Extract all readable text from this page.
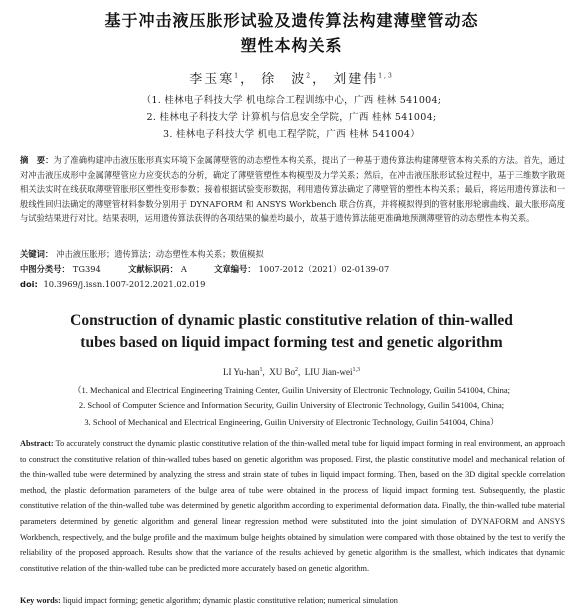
基于冲击液压胀形试验及遗传算法构建薄壁管动态
塑性本构关系
李玉寒$^1$， 徐　波$^2$， 刘建伟$^{1,3}$
（1. 桂林电子科技大学 机电综合工程训练中心，广西 桂林 541004;
2. 桂林电子科技大学 计算机与信息安全学院，广西 桂林 541004;
3. 桂林电子科技大学 机电工程学院，广西 桂林 541004）
摘　要：为了准确构建冲击液压胀形真实环境下金属薄壁管的动态塑性本构关系，提出了一种基于遗传算法构建薄壁管本构关系的方法。首先，通过对冲击液压成形中金属薄壁管应力应变状态的分析，确定了薄壁管塑性本构模型及力学关系；然后，在冲击液压胀形试验过程中，基于三维数字散斑相关法实时在线获取薄壁管胀形区塑性变形参数；接着根据试验变形数据，利用遗传算法确定了薄壁管的塑性本构关系；最后，将运用遗传算法和一般线性回归法确定的薄壁管材料参数分别用于 DYNAFORM 和 ANSYS Workbench 联合仿真，并将模拟得到的管材胀形轮廓曲线、最大胀形高度与试验结果进行对比。结果表明，运用遗传算法获得的各项结果的偏差均最小，故基于遗传算法能更准确地预测薄壁管的动态塑性本构关系。
关键词： 冲击液压胀形；遗传算法；动态塑性本构关系；数值模拟
中图分类号： TG394	文献标识码： A	文章编号： 1007-2012（2021）02-0139-07
doi: 10.3969/j.issn.1007-2012.2021.02.019
Construction of dynamic plastic constitutive relation of thin-walled
tubes based on liquid impact forming test and genetic algorithm
LI Yu-han$^1$,  XU Bo$^2$,  LIU Jian-wei$^{1,3}$
（1. Mechanical and Electrical Engineering Training Center, Guilin University of Electronic Technology, Guilin 541004, China;
2. School of Computer Science and Information Security, Guilin University of Electronic Technology, Guilin 541004, China;
3. School of Mechanical and Electrical Engineering, Guilin University of Electronic Technology, Guilin 541004, China）
Abstract: To accurately construct the dynamic plastic constitutive relation of the thin-walled metal tube for liquid impact forming in real environment, an approach to construct the constitutive relation of thin-walled tubes based on genetic algorithm was proposed. First, the plastic constitutive model and mechanical relation of the thin-walled tube were determined by analyzing the stress and strain state of tubes in liquid impact forming. Then, based on the 3D digital speckle correlation method, the plastic deformation parameters of the bulge area of tube were obtained in the process of liquid impact forming test. Subsequently, the plastic constitutive relation of the thin-walled tube was determined by genetic algorithm according to experimental deformation data. Finally, the thin-walled tube material parameters determined by genetic algorithm and general linear regression method were substituted into the joint simulation of DYNAFORM and ANSYS Workbench, respectively, and the bulge profile and the maximum bulge heights obtained by simulation were compared with those obtained by the test to verify the reliability of the proposed approach. Results show that the variance of the results achieved by genetic algorithm is the smallest, which indicates that dynamic constitutive relation of the thin-walled tube can be predicted more accurately based on genetic algorithm.
Key words: liquid impact forming; genetic algorithm; dynamic plastic constitutive relation; numerical simulation
